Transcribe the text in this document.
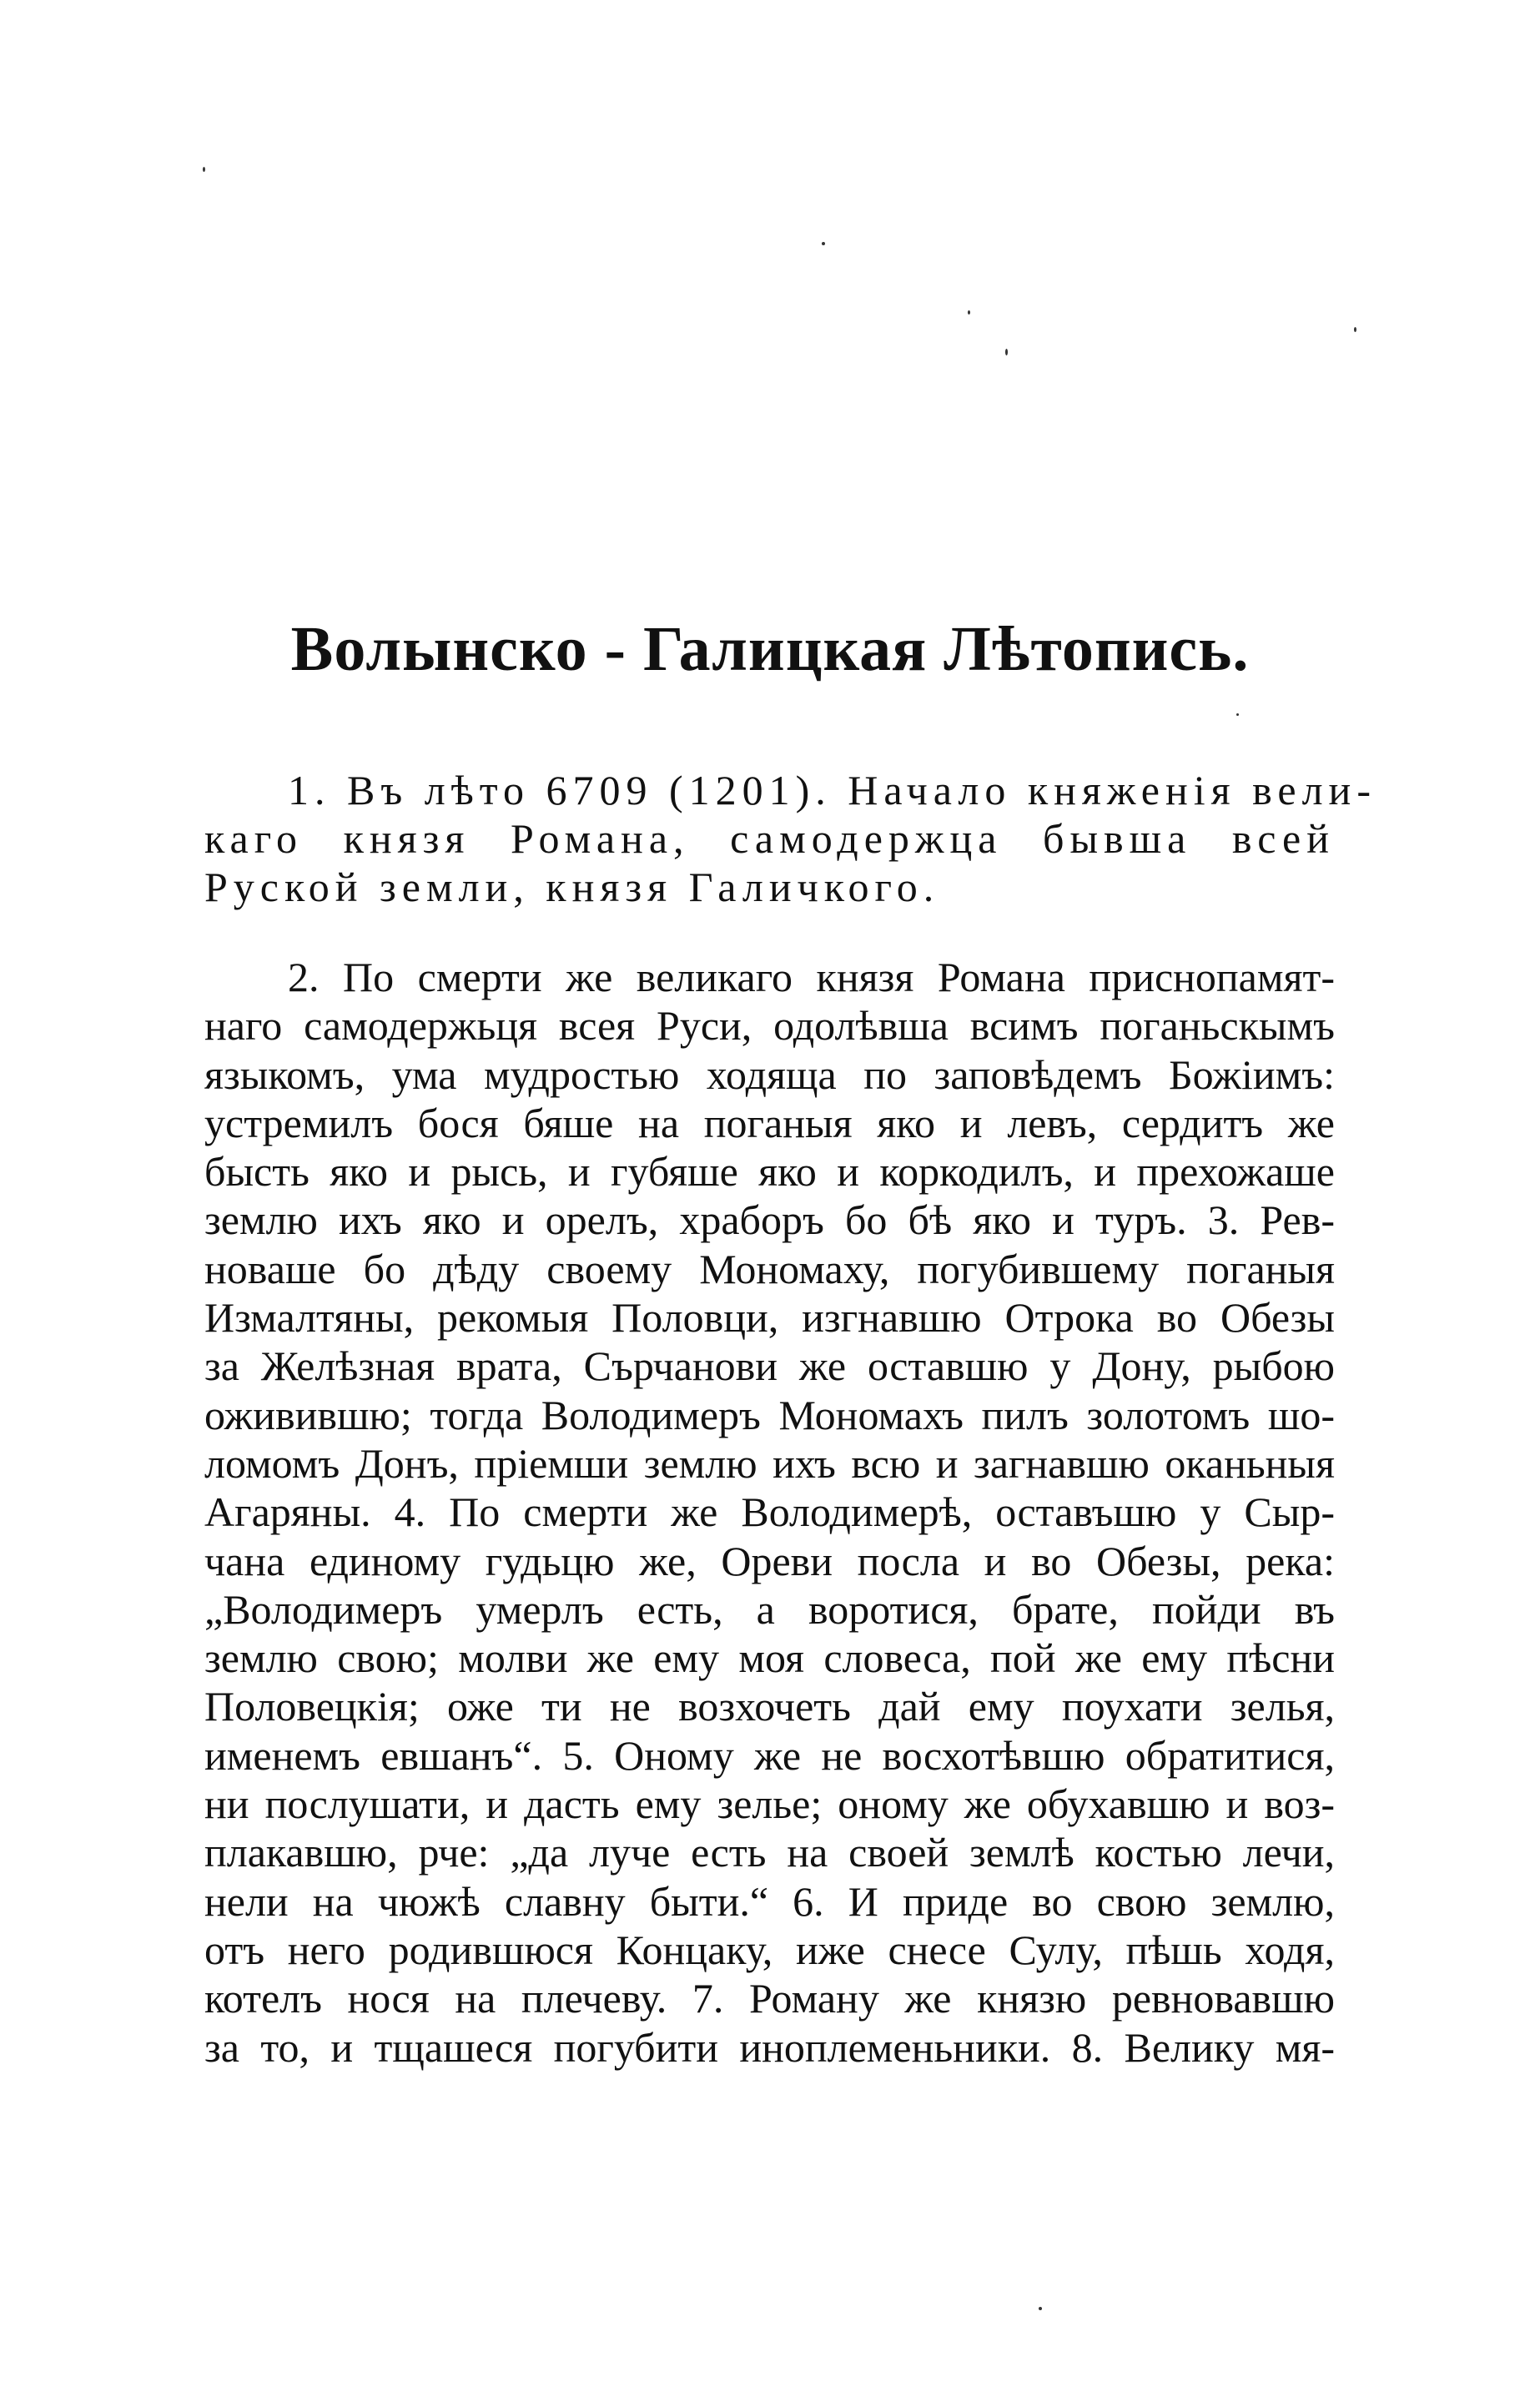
Волынско - Галицкая Лѣтопись.
1. Въ лѣто 6709 (1201). Начало княженія вели-
каго князя Романа, самодержца бывша всей
Руской земли, князя Галичкого.
2. По смерти же великаго князя Романа приснопамят-
наго самодержьця всея Руси, одолѣвша всимъ поганьскымъ
языкомъ, ума мудростью ходяща по заповѣдемъ Божіимъ:
устремилъ бося бяше на поганыя яко и левъ, сердитъ же
бысть яко и рысь, и губяше яко и коркодилъ, и прехожаше
землю ихъ яко и орелъ, храборъ бо бѣ яко и туръ. 3. Рев-
новаше бо дѣду своему Мономаху, погубившему поганыя
Измалтяны, рекомыя Половци, изгнавшю Отрока во Обезы
за Желѣзная врата, Сърчанови же оставшю у Дону, рыбою
оживившю; тогда Володимеръ Мономахъ пилъ золотомъ шо-
ломомъ Донъ, пріемши землю ихъ всю и загнавшю оканьныя
Агаряны. 4. По смерти же Володимерѣ, оставъшю у Сыр-
чана единому гудьцю же, Ореви посла и во Обезы, река:
„Володимеръ умерлъ есть, а воротися, брате, пойди въ
землю свою; молви же ему моя словеса, пой же ему пѣсни
Половецкія; оже ти не возхочеть дай ему поухати зелья,
именемъ евшанъ“. 5. Оному же не восхотѣвшю обратитися,
ни послушати, и дасть ему зелье; оному же обухавшю и воз-
плакавшю, рче: „да луче есть на своей землѣ костью лечи,
нели на чюжѣ славну быти.“ 6. И приде во свою землю,
отъ него родившюся Концаку, иже снесе Сулу, пѣшь ходя,
котелъ нося на плечеву. 7. Роману же князю ревновавшю
за то, и тщашеся погубити иноплеменьники. 8. Велику мя-
